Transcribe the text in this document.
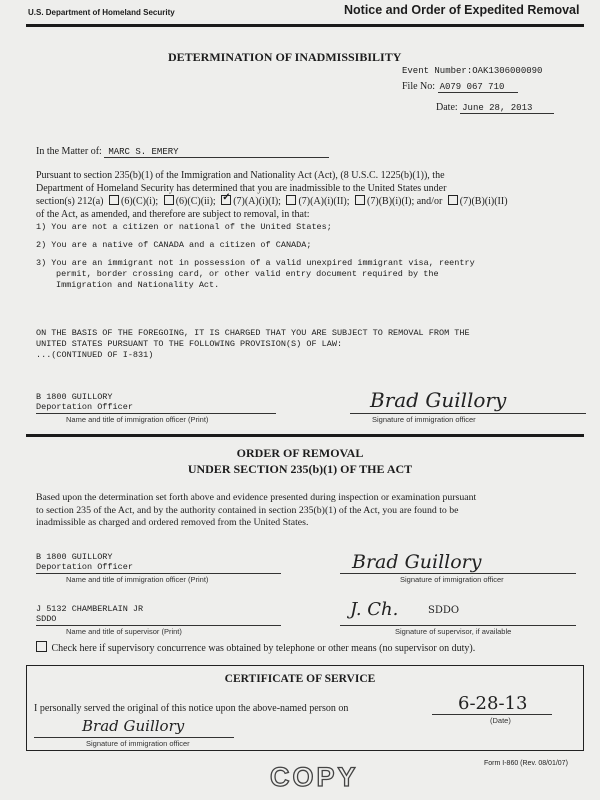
U.S. Department of Homeland Security	Notice and Order of Expedited Removal
DETERMINATION OF INADMISSIBILITY
Event Number:OAK1306000090
File No: A079 067 710
Date: June 28, 2013
In the Matter of: MARC S. EMERY
Pursuant to section 235(b)(1) of the Immigration and Nationality Act (Act), (8 U.S.C. 1225(b)(1)), the
Department of Homeland Security has determined that you are inadmissible to the United States under
section(s) 212(a) (6)(C)(i); (6)(C)(ii); ✓ (7)(A)(i)(I); (7)(A)(i)(II); (7)(B)(i)(I); and/or (7)(B)(i)(II)
of the Act, as amended, and therefore are subject to removal, in that:
1) You are not a citizen or national of the United States;
2) You are a native of CANADA and a citizen of CANADA;
3) You are an immigrant not in possession of a valid unexpired immigrant visa, reentry
permit, border crossing card, or other valid entry document required by the
Immigration and Nationality Act.
ON THE BASIS OF THE FOREGOING, IT IS CHARGED THAT YOU ARE SUBJECT TO REMOVAL FROM THE
UNITED STATES PURSUANT TO THE FOLLOWING PROVISION(S) OF LAW:
...(CONTINUED OF I-831)
B 1800 GUILLORY
Deportation Officer
Name and title of immigration officer (Print)
Brad Guillory
Signature of immigration officer
ORDER OF REMOVAL
UNDER SECTION 235(b)(1) OF THE ACT
Based upon the determination set forth above and evidence presented during inspection or examination pursuant
to section 235 of the Act, and by the authority contained in section 235(b)(1) of the Act, you are found to be
inadmissible as charged and ordered removed from the United States.
B 1800 GUILLORY
Deportation Officer
Name and title of immigration officer (Print)
Brad Guillory
Signature of immigration officer
J 5132 CHAMBERLAIN JR
SDDO
Name and title of supervisor (Print)
J. Ch.	SDDO
Signature of supervisor, if available
Check here if supervisory concurrence was obtained by telephone or other means (no supervisor on duty).
CERTIFICATE OF SERVICE
I personally served the original of this notice upon the above-named person on	6-28-13
(Date)
Brad Guillory
Signature of immigration officer
COPY	Form I-860 (Rev. 08/01/07)
